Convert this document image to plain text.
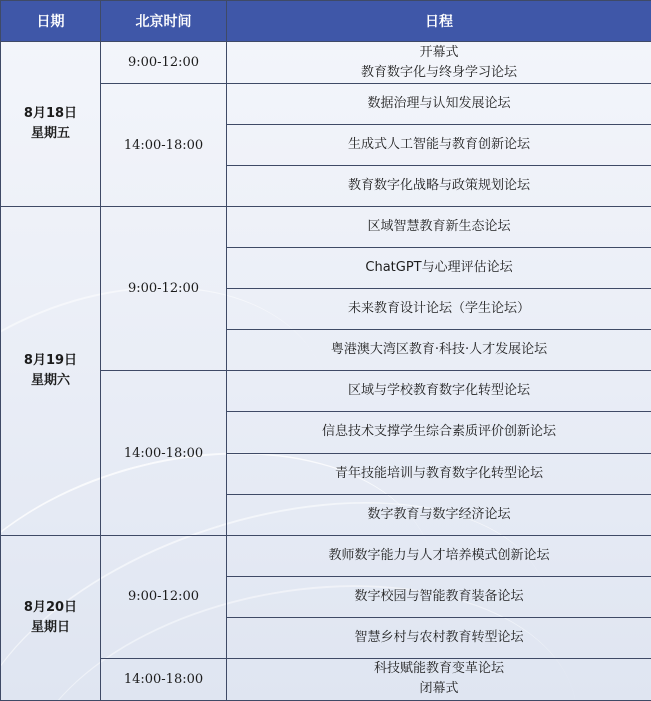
日期	北京时间	日程

8月18日
星期五	9:00-12:00	开幕式
教育数字化与终身学习论坛

	14:00-18:00	数据治理与认知发展论坛

		生成式人工智能与教育创新论坛

		教育数字化战略与政策规划论坛

8月19日
星期六	9:00-12:00	区域智慧教育新生态论坛

		ChatGPT与心理评估论坛

		未来教育设计论坛（学生论坛）

		粤港澳大湾区教育·科技·人才发展论坛

	14:00-18:00	区域与学校教育数字化转型论坛

		信息技术支撑学生综合素质评价创新论坛

		青年技能培训与教育数字化转型论坛

		数字教育与数字经济论坛

8月20日
星期日	9:00-12:00	教师数字能力与人才培养模式创新论坛

		数字校园与智能教育装备论坛

		智慧乡村与农村教育转型论坛

	14:00-18:00	科技赋能教育变革论坛
闭幕式
